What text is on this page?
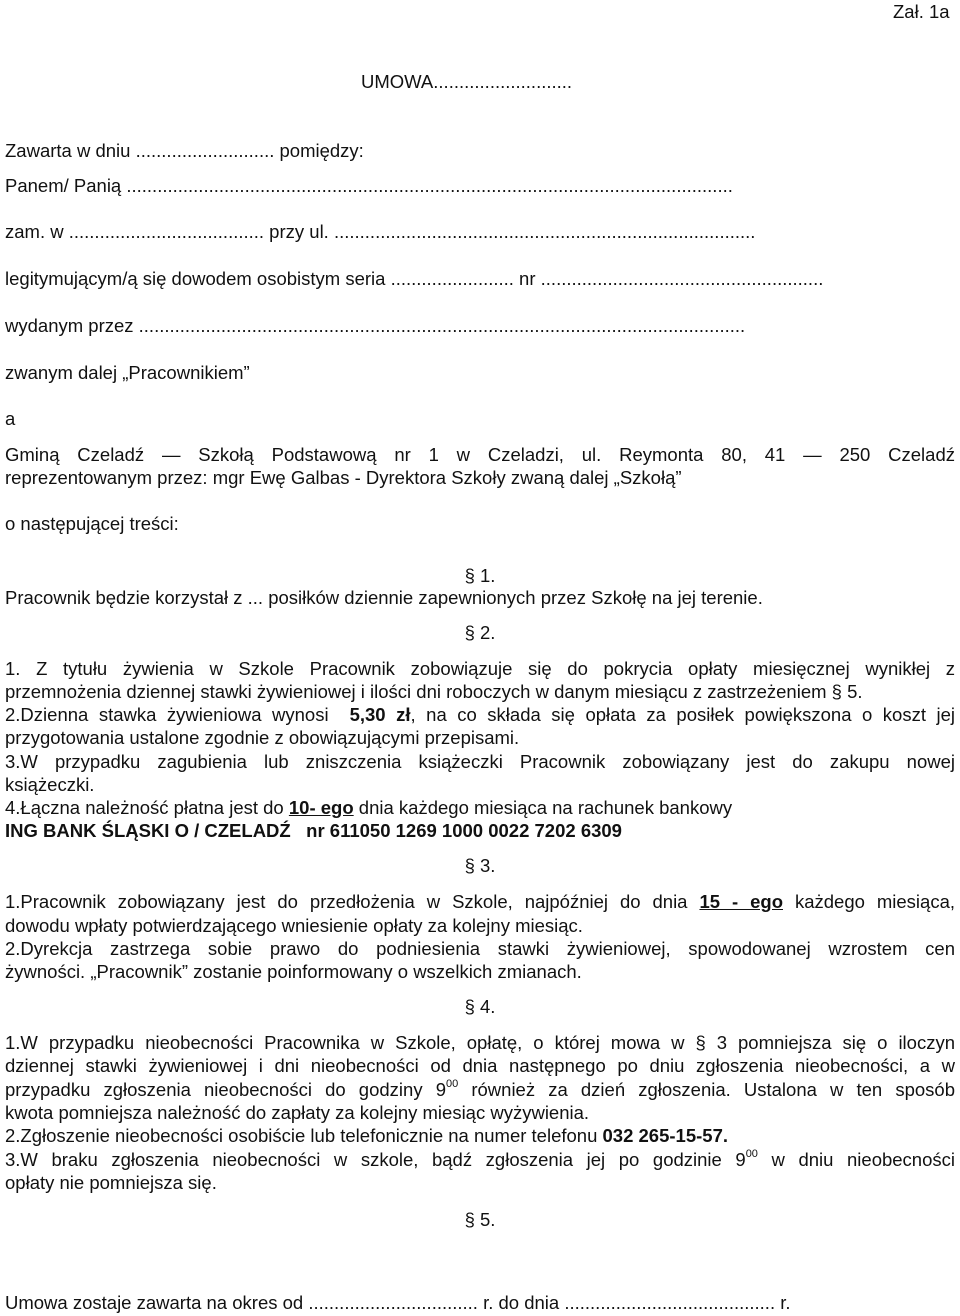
Zał. 1a
UMOWA...........................
Zawarta w dniu ........................... pomiędzy:
Panem/ Panią ......................................................................................................................
zam. w ...................................... przy ul. ..................................................................................
legitymującym/ą się dowodem osobistym seria ........................ nr .......................................................
wydanym przez ......................................................................................................................
zwanym dalej „Pracownikiem”
a
Gminą Czeladź — Szkołą Podstawową nr 1 w Czeladzi, ul. Reymonta 80, 41 — 250 Czeladź
reprezentowanym przez: mgr Ewę Galbas - Dyrektora Szkoły zwaną dalej „Szkołą”
o następującej treści:
§ 1.
Pracownik będzie korzystał z ... posiłków dziennie zapewnionych przez Szkołę na jej terenie.
§ 2.
1. Z tytułu żywienia w Szkole Pracownik zobowiązuje się do pokrycia opłaty miesięcznej wynikłej z
przemnożenia dziennej stawki żywieniowej i ilości dni roboczych w danym miesiącu z zastrzeżeniem § 5.
2.Dzienna stawka żywieniowa wynosi 5,30 zł, na co składa się opłata za posiłek powiększona o koszt jej
przygotowania ustalone zgodnie z obowiązującymi przepisami.
3.W przypadku zagubienia lub zniszczenia książeczki Pracownik zobowiązany jest do zakupu nowej
książeczki.
4.Łączna należność płatna jest do 10- ego dnia każdego miesiąca na rachunek bankowy
ING BANK ŚLĄSKI O / CZELADŹ   nr 611050 1269 1000 0022 7202 6309
§ 3.
1.Pracownik zobowiązany jest do przedłożenia w Szkole, najpóźniej do dnia 15 - ego każdego miesiąca,
dowodu wpłaty potwierdzającego wniesienie opłaty za kolejny miesiąc.
2.Dyrekcja zastrzega sobie prawo do podniesienia stawki żywieniowej, spowodowanej wzrostem cen
żywności. „Pracownik” zostanie poinformowany o wszelkich zmianach.
§ 4.
1.W przypadku nieobecności Pracownika w Szkole, opłatę, o której mowa w § 3 pomniejsza się o iloczyn
dziennej stawki żywieniowej i dni nieobecności od dnia następnego po dniu zgłoszenia nieobecności, a w
przypadku zgłoszenia nieobecności do godziny $9^{00}$ również za dzień zgłoszenia. Ustalona w ten sposób
kwota pomniejsza należność do zapłaty za kolejny miesiąc wyżywienia.
2.Zgłoszenie nieobecności osobiście lub telefonicznie na numer telefonu 032 265-15-57.
3.W braku zgłoszenia nieobecności w szkole, bądź zgłoszenia jej po godzinie $9^{00}$ w dniu nieobecności
opłaty nie pomniejsza się.
§ 5.
Umowa zostaje zawarta na okres od ................................. r. do dnia ......................................... r.
